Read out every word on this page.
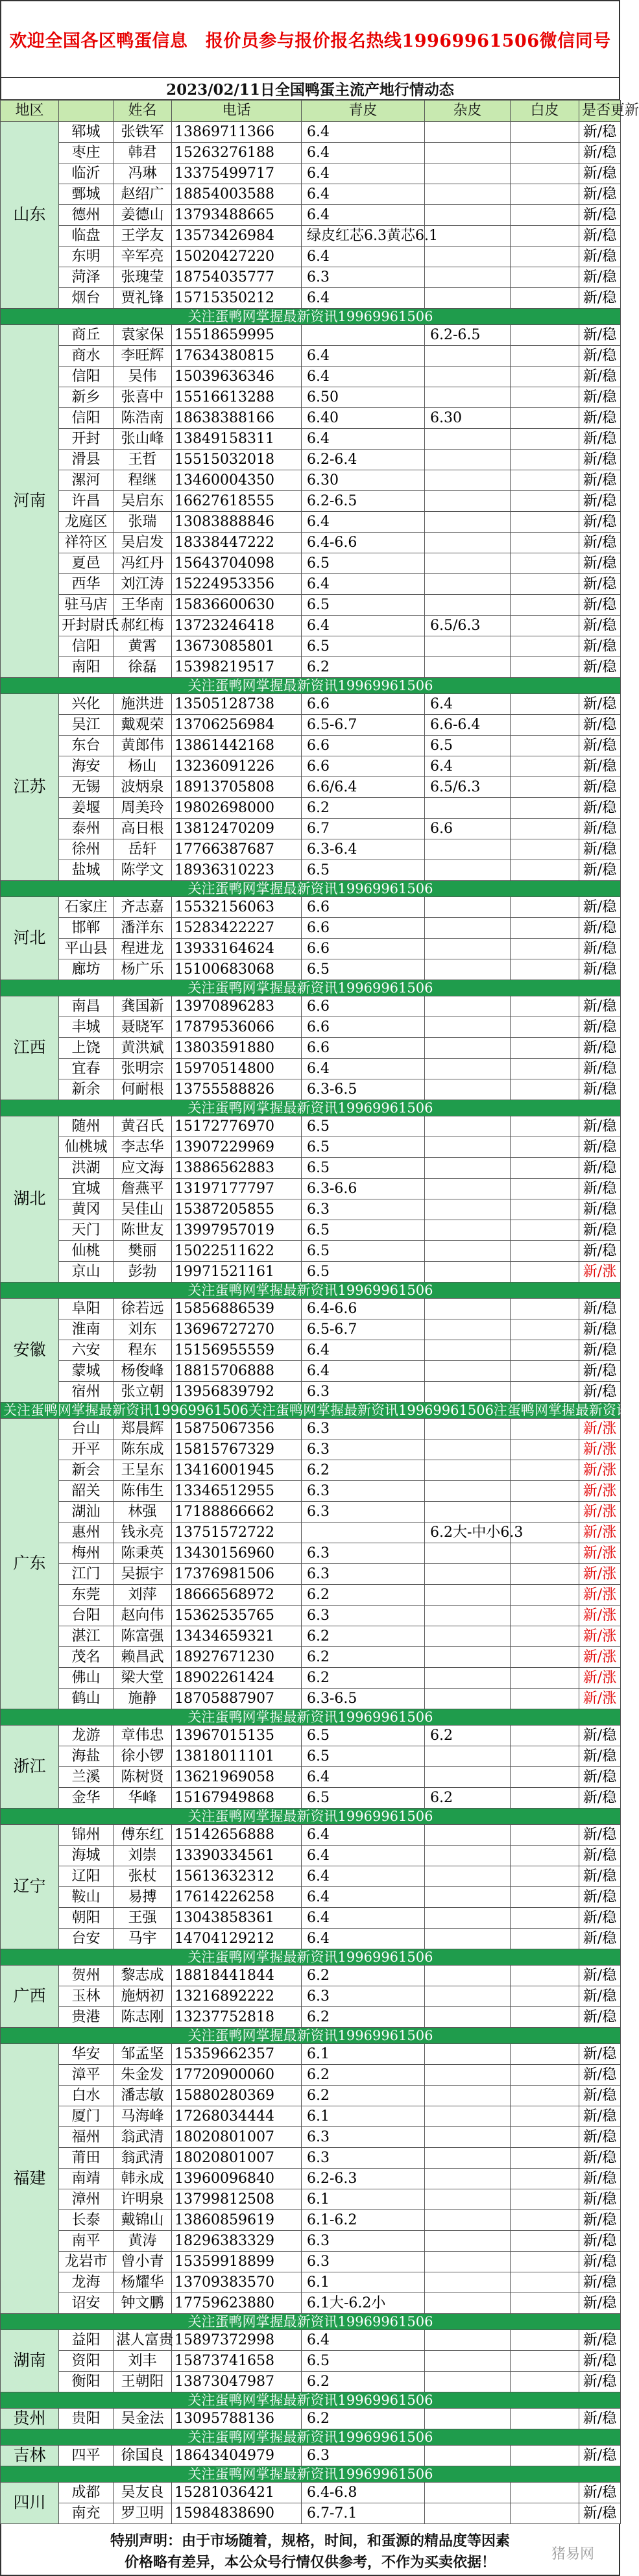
欢迎全国各区鸭蛋信息　报价员参与报价报名热线19969961506微信同号
2023/02/11日全国鸭蛋主流产地行情动态
地区		姓名	电话	青皮	杂皮	白皮	是否更新
山东	郓城	张铁军	13869711366	6.4			新/稳
	枣庄	韩君	15263276188	6.4			新/稳
	临沂	冯琳	13375499717	6.4			新/稳
	鄄城	赵绍广	18854003588	6.4			新/稳
	德州	姜德山	13793488665	6.4			新/稳
	临盘	王学友	13573426984	绿皮红芯6.3黄芯6.1			新/稳
	东明	辛军亮	15020427220	6.4			新/稳
	菏泽	张瑰莹	18754035777	6.3			新/稳
	烟台	贾礼锋	15715350212	6.4			新/稳
关注蛋鸭网掌握最新资讯19969961506							
河南	商丘	袁家保	15518659995		6.2-6.5		新/稳
	商水	李旺辉	17634380815	6.4			新/稳
	信阳	吴伟	15039636346	6.4			新/稳
	新乡	张喜中	15516613288	6.50			新/稳
	信阳	陈浩南	18638388166	6.40	6.30		新/稳
	开封	张山峰	13849158311	6.4			新/稳
	滑县	王哲	15515032018	6.2-6.4			新/稳
	漯河	程继	13460004350	6.30			新/稳
	许昌	吴启东	16627618555	6.2-6.5			新/稳
	龙庭区	张瑞	13083888846	6.4			新/稳
	祥符区	吴启发	18338447222	6.4-6.6			新/稳
	夏邑	冯红丹	15643704098	6.5			新/稳
	西华	刘江涛	15224953356	6.4			新/稳
	驻马店	王华南	15836600630	6.5			新/稳
	开封尉氏	郝红梅	13723246418	6.4	6.5/6.3		新/稳
	信阳	黄霄	13673085801	6.5			新/稳
	南阳	徐磊	15398219517	6.2			新/稳
关注蛋鸭网掌握最新资讯19969961506							
江苏	兴化	施洪进	13505128738	6.6	6.4		新/稳
	吴江	戴观荣	13706256984	6.5-6.7	6.6-6.4		新/稳
	东台	黄郎伟	13861442168	6.6	6.5		新/稳
	海安	杨山	13236091226	6.6	6.4		新/稳
	无锡	波炳泉	18913705808	6.6/6.4	6.5/6.3		新/稳
	姜堰	周美玲	19802698000	6.2			新/稳
	泰州	高日根	13812470209	6.7	6.6		新/稳
	徐州	岳轩	17766387687	6.3-6.4			新/稳
	盐城	陈学文	18936310223	6.5			新/稳
关注蛋鸭网掌握最新资讯19969961506							
河北	石家庄	齐志嘉	15532156063	6.6			新/稳
	邯郸	潘洋东	15283422227	6.6			新/稳
	平山县	程进龙	13933164624	6.6			新/稳
	廊坊	杨广乐	15100683068	6.5			新/稳
关注蛋鸭网掌握最新资讯19969961506							
江西	南昌	龚国新	13970896283	6.6			新/稳
	丰城	聂晓军	17879536066	6.6			新/稳
	上饶	黄洪斌	13803591880	6.6			新/稳
	宜春	张明宗	15970514800	6.4			新/稳
	新余	何耐根	13755588826	6.3-6.5			新/稳
关注蛋鸭网掌握最新资讯19969961506							
湖北	随州	黄召氏	15172776970	6.5			新/稳
	仙桃城	李志华	13907229969	6.5			新/稳
	洪湖	应文海	13886562883	6.5			新/稳
	宜城	詹燕平	13197177797	6.3-6.6			新/稳
	黄冈	吴佳山	15387205855	6.3			新/稳
	天门	陈世友	13997957019	6.5			新/稳
	仙桃	樊丽	15022511622	6.5			新/稳
	京山	彭勃	19971521161	6.5			新/涨
关注蛋鸭网掌握最新资讯19969961506							
安徽	阜阳	徐若远	15856886539	6.4-6.6			新/稳
	淮南	刘东	13696727270	6.5-6.7			新/稳
	六安	程东	15156955559	6.4			新/稳
	蒙城	杨俊峰	18815706888	6.4			新/稳
	宿州	张立朝	13956839792	6.3			新/稳
关注蛋鸭网掌握最新资讯19969961506关注蛋鸭网掌握最新资讯19969961506注蛋鸭网掌握最新资讯							
广东	台山	郑晨辉	15875067356	6.3			新/涨
	开平	陈东成	15815767329	6.3			新/涨
	新会	王呈东	13416001945	6.2			新/涨
	韶关	陈伟生	13346512955	6.3			新/涨
	湖汕	林强	17188866662	6.3			新/涨
	惠州	钱永亮	13751572722		6.2大-中小6.3		新/涨
	梅州	陈秉英	13430156960	6.3			新/涨
	江门	吴振宇	17376981506	6.3			新/涨
	东莞	刘萍	18666568972	6.2			新/涨
	台阳	赵向伟	15362535765	6.3			新/涨
	湛江	陈富强	13434659321	6.2			新/涨
	茂名	赖昌武	18927671230	6.2			新/涨
	佛山	梁大堂	18902261424	6.2			新/涨
	鹤山	施静	18705887907	6.3-6.5			新/涨
关注蛋鸭网掌握最新资讯19969961506							
浙江	龙游	章伟忠	13967015135	6.5	6.2		新/稳
	海盐	徐小锣	13818011101	6.5			新/稳
	兰溪	陈树贤	13621969058	6.4			新/稳
	金华	华峰	15167949868	6.5	6.2		新/稳
关注蛋鸭网掌握最新资讯19969961506							
辽宁	锦州	傅东红	15142656888	6.4			新/稳
	海城	刘崇	13390334561	6.4			新/稳
	辽阳	张杖	15613632312	6.4			新/稳
	鞍山	易搏	17614226258	6.4			新/稳
	朝阳	王强	13043858361	6.4			新/稳
	台安	马宇	14704129212	6.4			新/稳
关注蛋鸭网掌握最新资讯19969961506							
广西	贺州	黎志成	18818441844	6.2			新/稳
	玉林	施炳初	13216892222	6.3			新/稳
	贵港	陈志刚	13237752818	6.2			新/稳
关注蛋鸭网掌握最新资讯19969961506							
福建	华安	邹孟坚	15359662357	6.1			新/稳
	漳平	朱金发	17720900060	6.2			新/稳
	白水	潘志敏	15880280369	6.2			新/稳
	厦门	马海峰	17268034444	6.1			新/稳
	福州	翁武清	18020801007	6.3			新/稳
	莆田	翁武清	18020801007	6.3			新/稳
	南靖	韩永成	13960096840	6.2-6.3			新/稳
	漳州	许明泉	13799812508	6.1			新/稳
	长泰	戴锦山	13860859619	6.1-6.2			新/稳
	南平	黄涛	18296383329	6.3			新/稳
	龙岩市	曾小青	15359918899	6.3			新/稳
	龙海	杨耀华	13709383570	6.1			新/稳
	诏安	钟文鹏	17759623880	6.1大-6.2小			新/稳
关注蛋鸭网掌握最新资讯19969961506							
湖南	益阳	湛人富贵	15897372998	6.4			新/稳
	资阳	刘丰	15873741658	6.5			新/稳
	衡阳	王朝阳	13873047987	6.2			新/稳
关注蛋鸭网掌握最新资讯19969961506							
贵州	贵阳	吴金法	13095788136	6.2			新/稳
关注蛋鸭网掌握最新资讯19969961506							
吉林	四平	徐国良	18643404979	6.3			新/稳
关注蛋鸭网掌握最新资讯19969961506							
四川	成都	吴友良	15281036421	6.4-6.8			新/稳
	南充	罗卫明	15984838690	6.7-7.1			新/稳
特别声明：由于市场随着，规格，时间，和蛋源的精品度等因素
价格略有差异，本公众号行情仅供参考，不作为买卖依据！	猪易网
